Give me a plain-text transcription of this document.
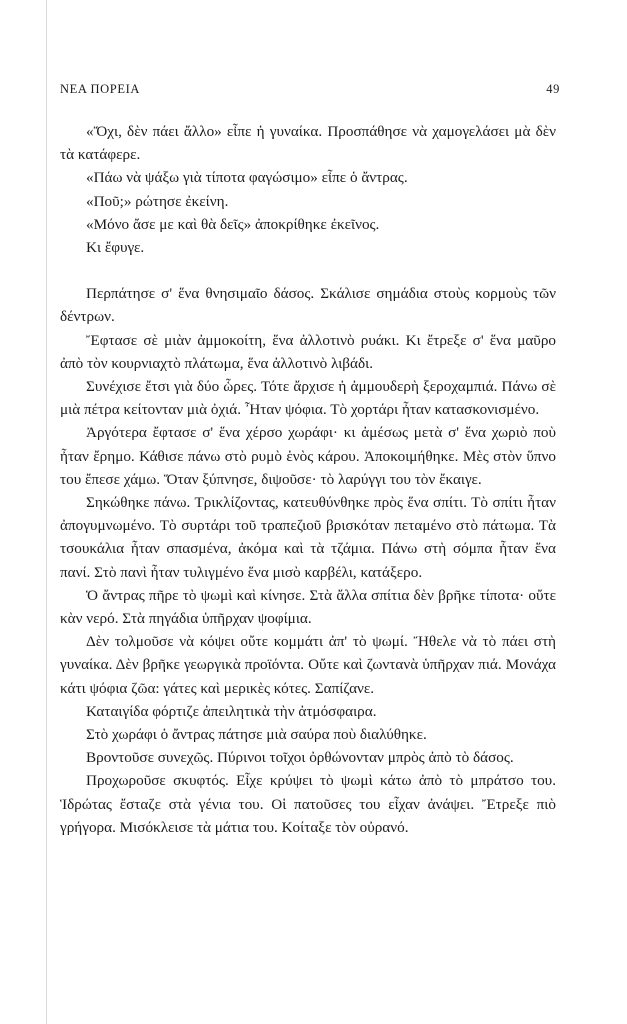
ΝΕΑ ΠΟΡΕΙΑ	49

«Ὄχι, δὲν πάει ἄλλο» εἶπε ἡ γυναίκα. Προσπάθησε νὰ χαμογελάσει μὰ δὲν τὰ κατάφερε.

«Πάω νὰ ψάξω γιὰ τίποτα φαγώσιμο» εἶπε ὁ ἄντρας.

«Ποῦ;» ρώτησε ἐκείνη.

«Μόνο ἄσε με καὶ θὰ δεῖς» ἀποκρίθηκε ἐκεῖνος.

Κι ἔφυγε.

Περπάτησε σ' ἕνα θνησιμαῖο δάσος. Σκάλισε σημάδια στοὺς κορμοὺς τῶν δέντρων.

Ἔφτασε σὲ μιὰν ἀμμοκοίτη, ἕνα ἀλλοτινὸ ρυάκι. Κι ἔτρεξε σ' ἕνα μαῦρο ἀπὸ τὸν κουρνιαχτὸ πλάτωμα, ἕνα ἀλλοτινὸ λιβάδι.

Συνέχισε ἔτσι γιὰ δύο ὧρες. Τότε ἄρχισε ἡ ἀμμουδερὴ ξεροχαμπιά. Πάνω σὲ μιὰ πέτρα κείτονταν μιὰ ὀχιά. Ἦταν ψόφια. Τὸ χορτάρι ἦταν κατασκονισμένο.

Ἀργότερα ἔφτασε σ' ἕνα χέρσο χωράφι· κι ἀμέσως μετὰ σ' ἕνα χωριὸ ποὺ ἦταν ἔρημο. Κάθισε πάνω στὸ ρυμὸ ἑνὸς κάρου. Ἀποκοιμήθηκε. Μὲς στὸν ὕπνο του ἔπεσε χάμω. Ὅταν ξύπνησε, διψοῦσε· τὸ λαρύγγι του τὸν ἔκαιγε.

Σηκώθηκε πάνω. Τρικλίζοντας, κατευθύνθηκε πρὸς ἕνα σπίτι. Τὸ σπίτι ἦταν ἀπογυμνωμένο. Τὸ συρτάρι τοῦ τραπεζιοῦ βρισκόταν πεταμένο στὸ πάτωμα. Τὰ τσουκάλια ἦταν σπασμένα, ἀκόμα καὶ τὰ τζάμια. Πάνω στὴ σόμπα ἦταν ἕνα πανί. Στὸ πανὶ ἦταν τυλιγμένο ἕνα μισὸ καρβέλι, κατάξερο.

Ὁ ἄντρας πῆρε τὸ ψωμὶ καὶ κίνησε. Στὰ ἄλλα σπίτια δὲν βρῆκε τίποτα· οὔτε κὰν νερό. Στὰ πηγάδια ὑπῆρχαν ψοφίμια.

Δὲν τολμοῦσε νὰ κόψει οὔτε κομμάτι ἀπ' τὸ ψωμί. Ἤθελε νὰ τὸ πάει στὴ γυναίκα. Δὲν βρῆκε γεωργικὰ προϊόντα. Οὔτε καὶ ζωντανὰ ὑπῆρχαν πιά. Μονάχα κάτι ψόφια ζῶα: γάτες καὶ μερικὲς κότες. Σαπίζανε.

Καταιγίδα φόρτιζε ἀπειλητικὰ τὴν ἀτμόσφαιρα.

Στὸ χωράφι ὁ ἄντρας πάτησε μιὰ σαύρα ποὺ διαλύθηκε.

Βροντοῦσε συνεχῶς. Πύρινοι τοῖχοι ὀρθώνονταν μπρὸς ἀπὸ τὸ δάσος.

Προχωροῦσε σκυφτός. Εἶχε κρύψει τὸ ψωμὶ κάτω ἀπὸ τὸ μπράτσο του. Ἱδρώτας ἔσταζε στὰ γένια του. Οἱ πατοῦσες του εἶχαν ἀνάψει. Ἔτρεξε πιὸ γρήγορα. Μισόκλεισε τὰ μάτια του. Κοίταξε τὸν οὐρανό.
